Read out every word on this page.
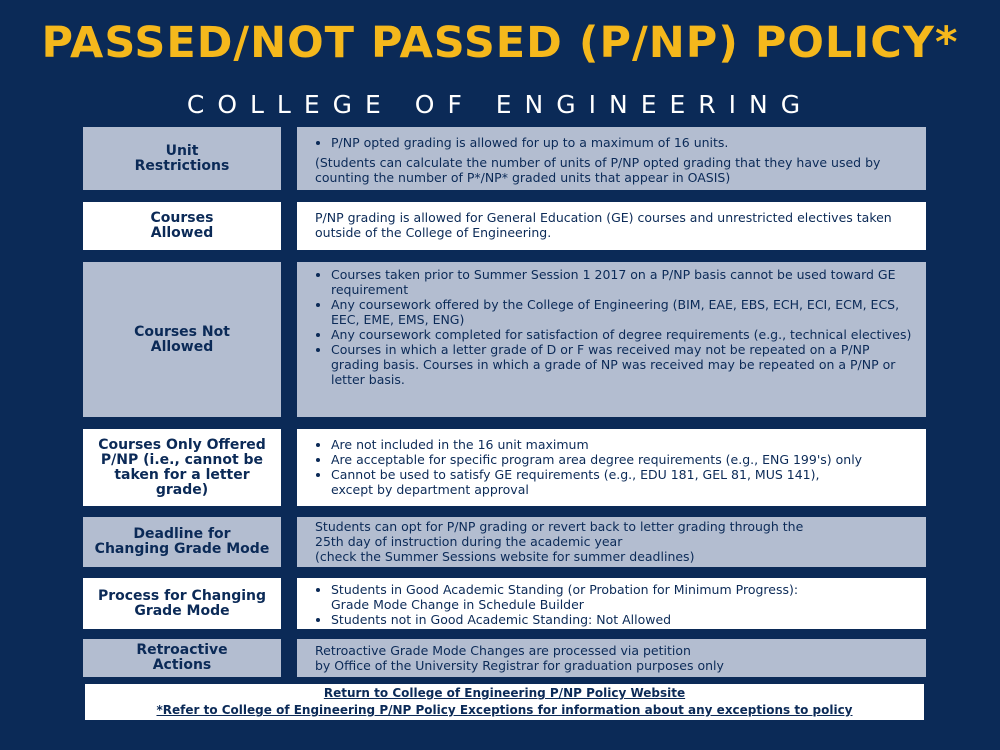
PASSED/NOT PASSED (P/NP) POLICY*
COLLEGE OF ENGINEERING
Unit
Restrictions
• P/NP opted grading is allowed for up to a maximum of 16 units.

(Students can calculate the number of units of P/NP opted grading that they have used by counting the number of P*/NP* graded units that appear in OASIS)

Courses
Allowed

P/NP grading is allowed for General Education (GE) courses and unrestricted electives taken outside of the College of Engineering.

Courses Not
Allowed
• Courses taken prior to Summer Session 1 2017 on a P/NP basis cannot be used toward GE requirement
• Any coursework offered by the College of Engineering (BIM, EAE, EBS, ECH, ECI, ECM, ECS, EEC, EME, EMS, ENG)
• Any coursework completed for satisfaction of degree requirements (e.g., technical electives)
• Courses in which a letter grade of D or F was received may not be repeated on a P/NP grading basis. Courses in which a grade of NP was received may be repeated on a P/NP or letter basis.
Courses Only Offered P/NP (i.e., cannot be taken for a letter grade)
• Are not included in the 16 unit maximum
• Are acceptable for specific program area degree requirements (e.g., ENG 199's) only
• Cannot be used to satisfy GE requirements (e.g., EDU 181, GEL 81, MUS 141), except by department approval
Deadline for
Changing Grade Mode

Students can opt for P/NP grading or revert back to letter grading through the
25th day of instruction during the academic year
(check the Summer Sessions website for summer deadlines)

Process for Changing
Grade Mode
• Students in Good Academic Standing (or Probation for Minimum Progress):
Grade Mode Change in Schedule Builder
• Students not in Good Academic Standing: Not Allowed
Retroactive
Actions

Retroactive Grade Mode Changes are processed via petition
by Office of the University Registrar for graduation purposes only

Return to College of Engineering P/NP Policy Website
*Refer to College of Engineering P/NP Policy Exceptions for information about any exceptions to policy
